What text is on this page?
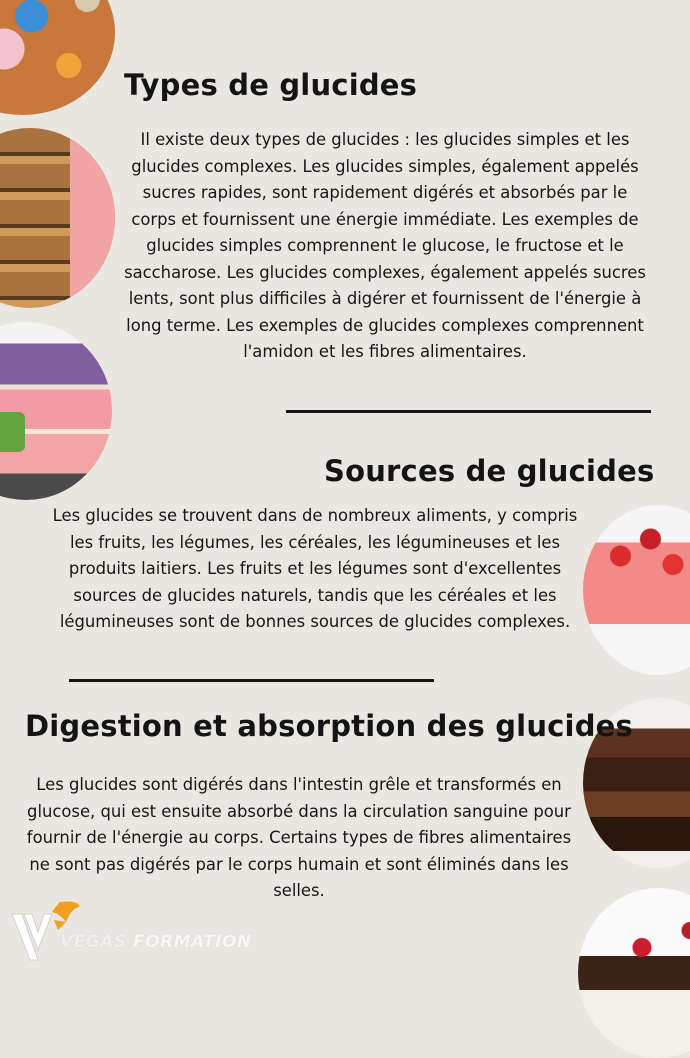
Types de glucides

Il existe deux types de glucides : les glucides simples et les glucides complexes. Les glucides simples, également appelés sucres rapides, sont rapidement digérés et absorbés par le corps et fournissent une énergie immédiate. Les exemples de glucides simples comprennent le glucose, le fructose et le saccharose. Les glucides complexes, également appelés sucres lents, sont plus difficiles à digérer et fournissent de l'énergie à long terme. Les exemples de glucides complexes comprennent l'amidon et les fibres alimentaires.

Sources de glucides

Les glucides se trouvent dans de nombreux aliments, y compris les fruits, les légumes, les céréales, les légumineuses et les produits laitiers. Les fruits et les légumes sont d'excellentes sources de glucides naturels, tandis que les céréales et les légumineuses sont de bonnes sources de glucides complexes.

Digestion et absorption des glucides

Les glucides sont digérés dans l'intestin grêle et transformés en glucose, qui est ensuite absorbé dans la circulation sanguine pour fournir de l'énergie au corps. Certains types de fibres alimentaires ne sont pas digérés par le corps humain et sont éliminés dans les selles.

VEGAS FORMATION
